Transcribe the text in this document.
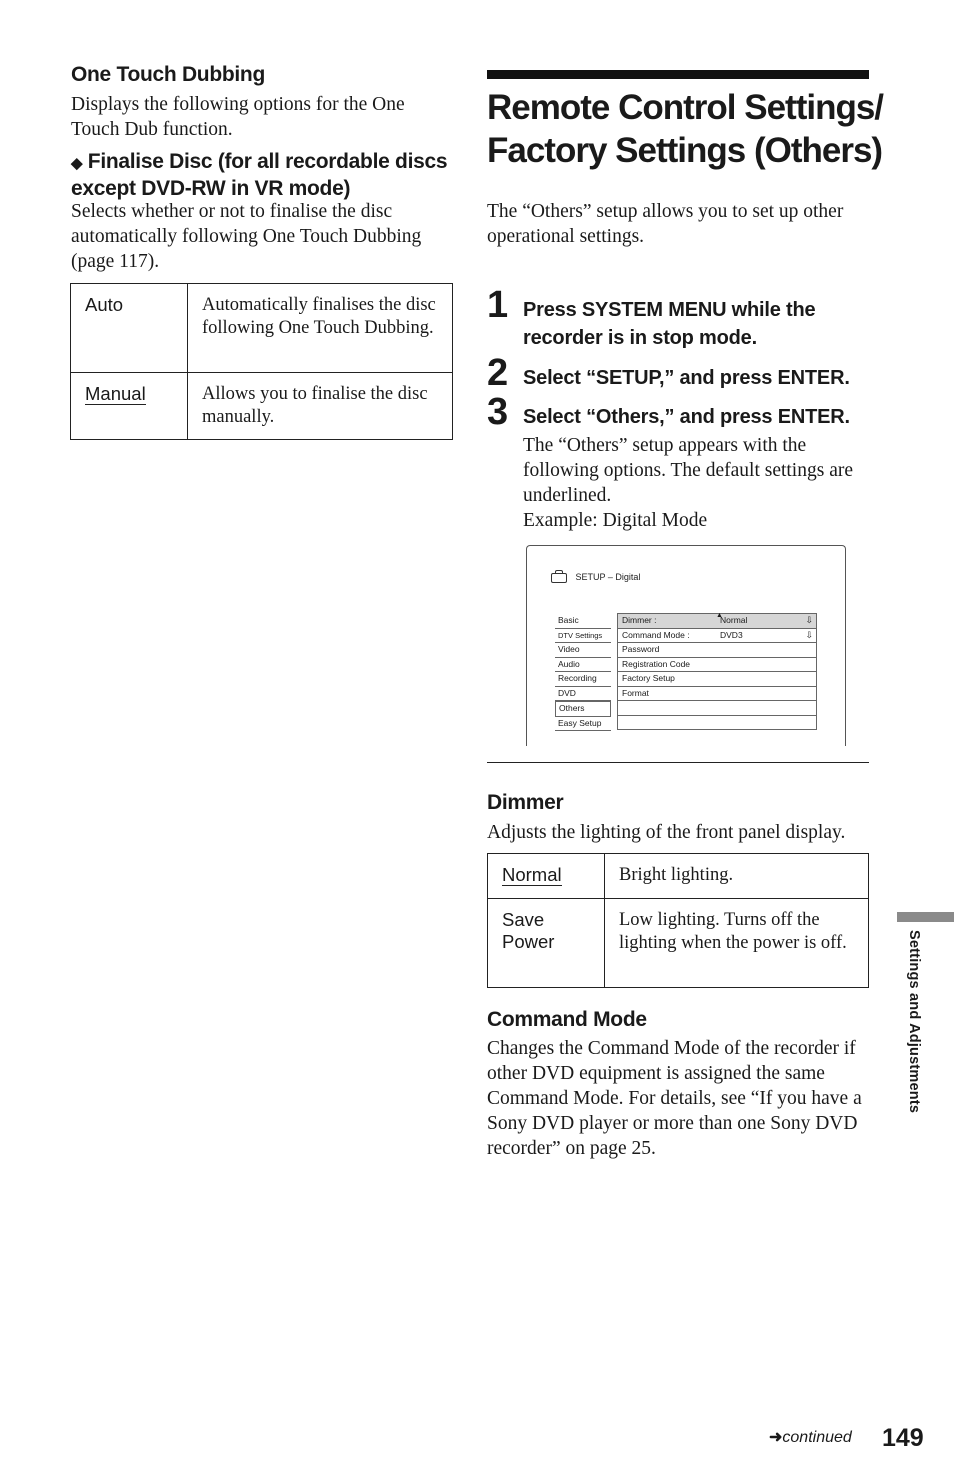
One Touch Dubbing
Displays the following options for the One Touch Dub function.
◆ Finalise Disc (for all recordable discs
except DVD-RW in VR mode)
Selects whether or not to finalise the disc automatically following One Touch Dubbing (page 117).
Auto	Automatically finalises the disc following One Touch Dubbing.
Manual	Allows you to finalise the disc manually.
Remote Control Settings/
Factory Settings (Others)
The “Others” setup allows you to set up other operational settings.
1 Press SYSTEM MENU while the recorder is in stop mode.
2 Select “SETUP,” and press ENTER.
3 Select “Others,” and press ENTER.
The “Others” setup appears with the following options. The default settings are underlined.
Example: Digital Mode
SETUP – Digital
Basic
DTV Settings
Video
Audio
Recording
DVD
Others
Easy Setup
Dimmer :	Normal	⇩
▲
Command Mode :	DVD3	⇩
Password
Registration Code
Factory Setup
Format
Dimmer
Adjusts the lighting of the front panel display.
Normal	Bright lighting.
Save Power	Low lighting. Turns off the lighting when the power is off.
Command Mode
Changes the Command Mode of the recorder if other DVD equipment is assigned the same Command Mode. For details, see “If you have a Sony DVD player or more than one Sony DVD recorder” on page 25.
Settings and Adjustments
➜continued 149
